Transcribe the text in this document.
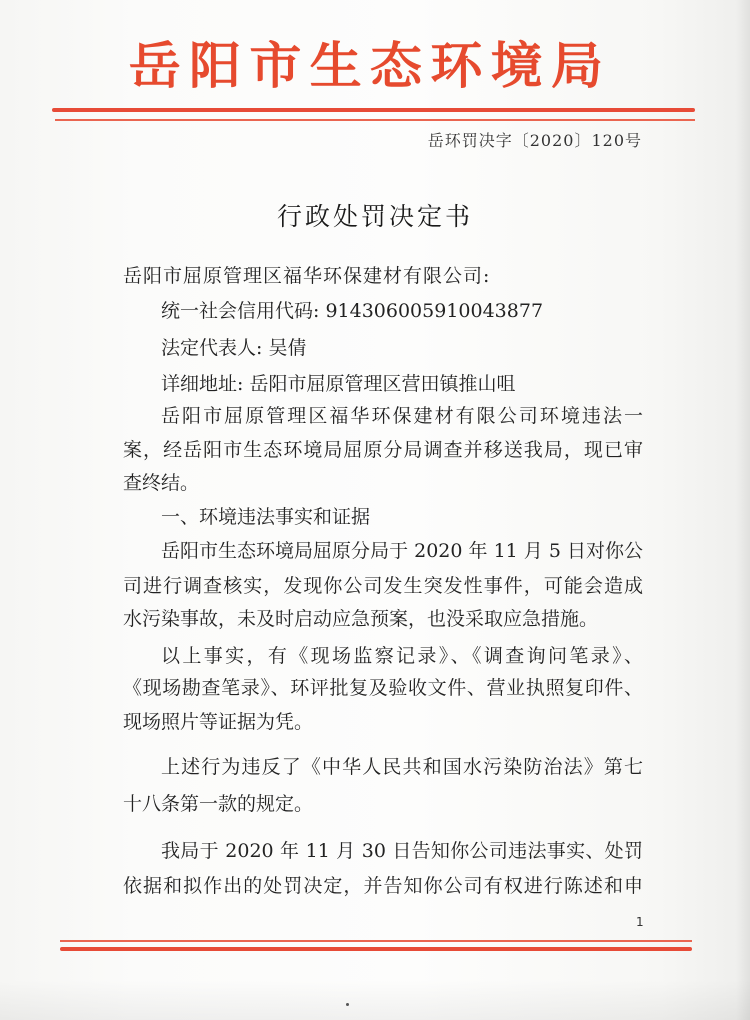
岳阳市生态环境局
岳环罚决字〔2020〕120号
行政处罚决定书
岳阳市屈原管理区福华环保建材有限公司:
统一社会信用代码: 914306005910043877
法定代表人: 吴倩
详细地址: 岳阳市屈原管理区营田镇推山咀
岳阳市屈原管理区福华环保建材有限公司环境违法一
案，经岳阳市生态环境局屈原分局调查并移送我局，现已审
查终结。
一、环境违法事实和证据
岳阳市生态环境局屈原分局于 2020 年 11 月 5 日对你公
司进行调查核实，发现你公司发生突发性事件，可能会造成
水污染事故，未及时启动应急预案，也没采取应急措施。
以上事实，有《现场监察记录》、《调查询问笔录》、
《现场勘查笔录》、环评批复及验收文件、营业执照复印件、
现场照片等证据为凭。
上述行为违反了《中华人民共和国水污染防治法》第七
十八条第一款的规定。
我局于 2020 年 11 月 30 日告知你公司违法事实、处罚
依据和拟作出的处罚决定，并告知你公司有权进行陈述和申
1
